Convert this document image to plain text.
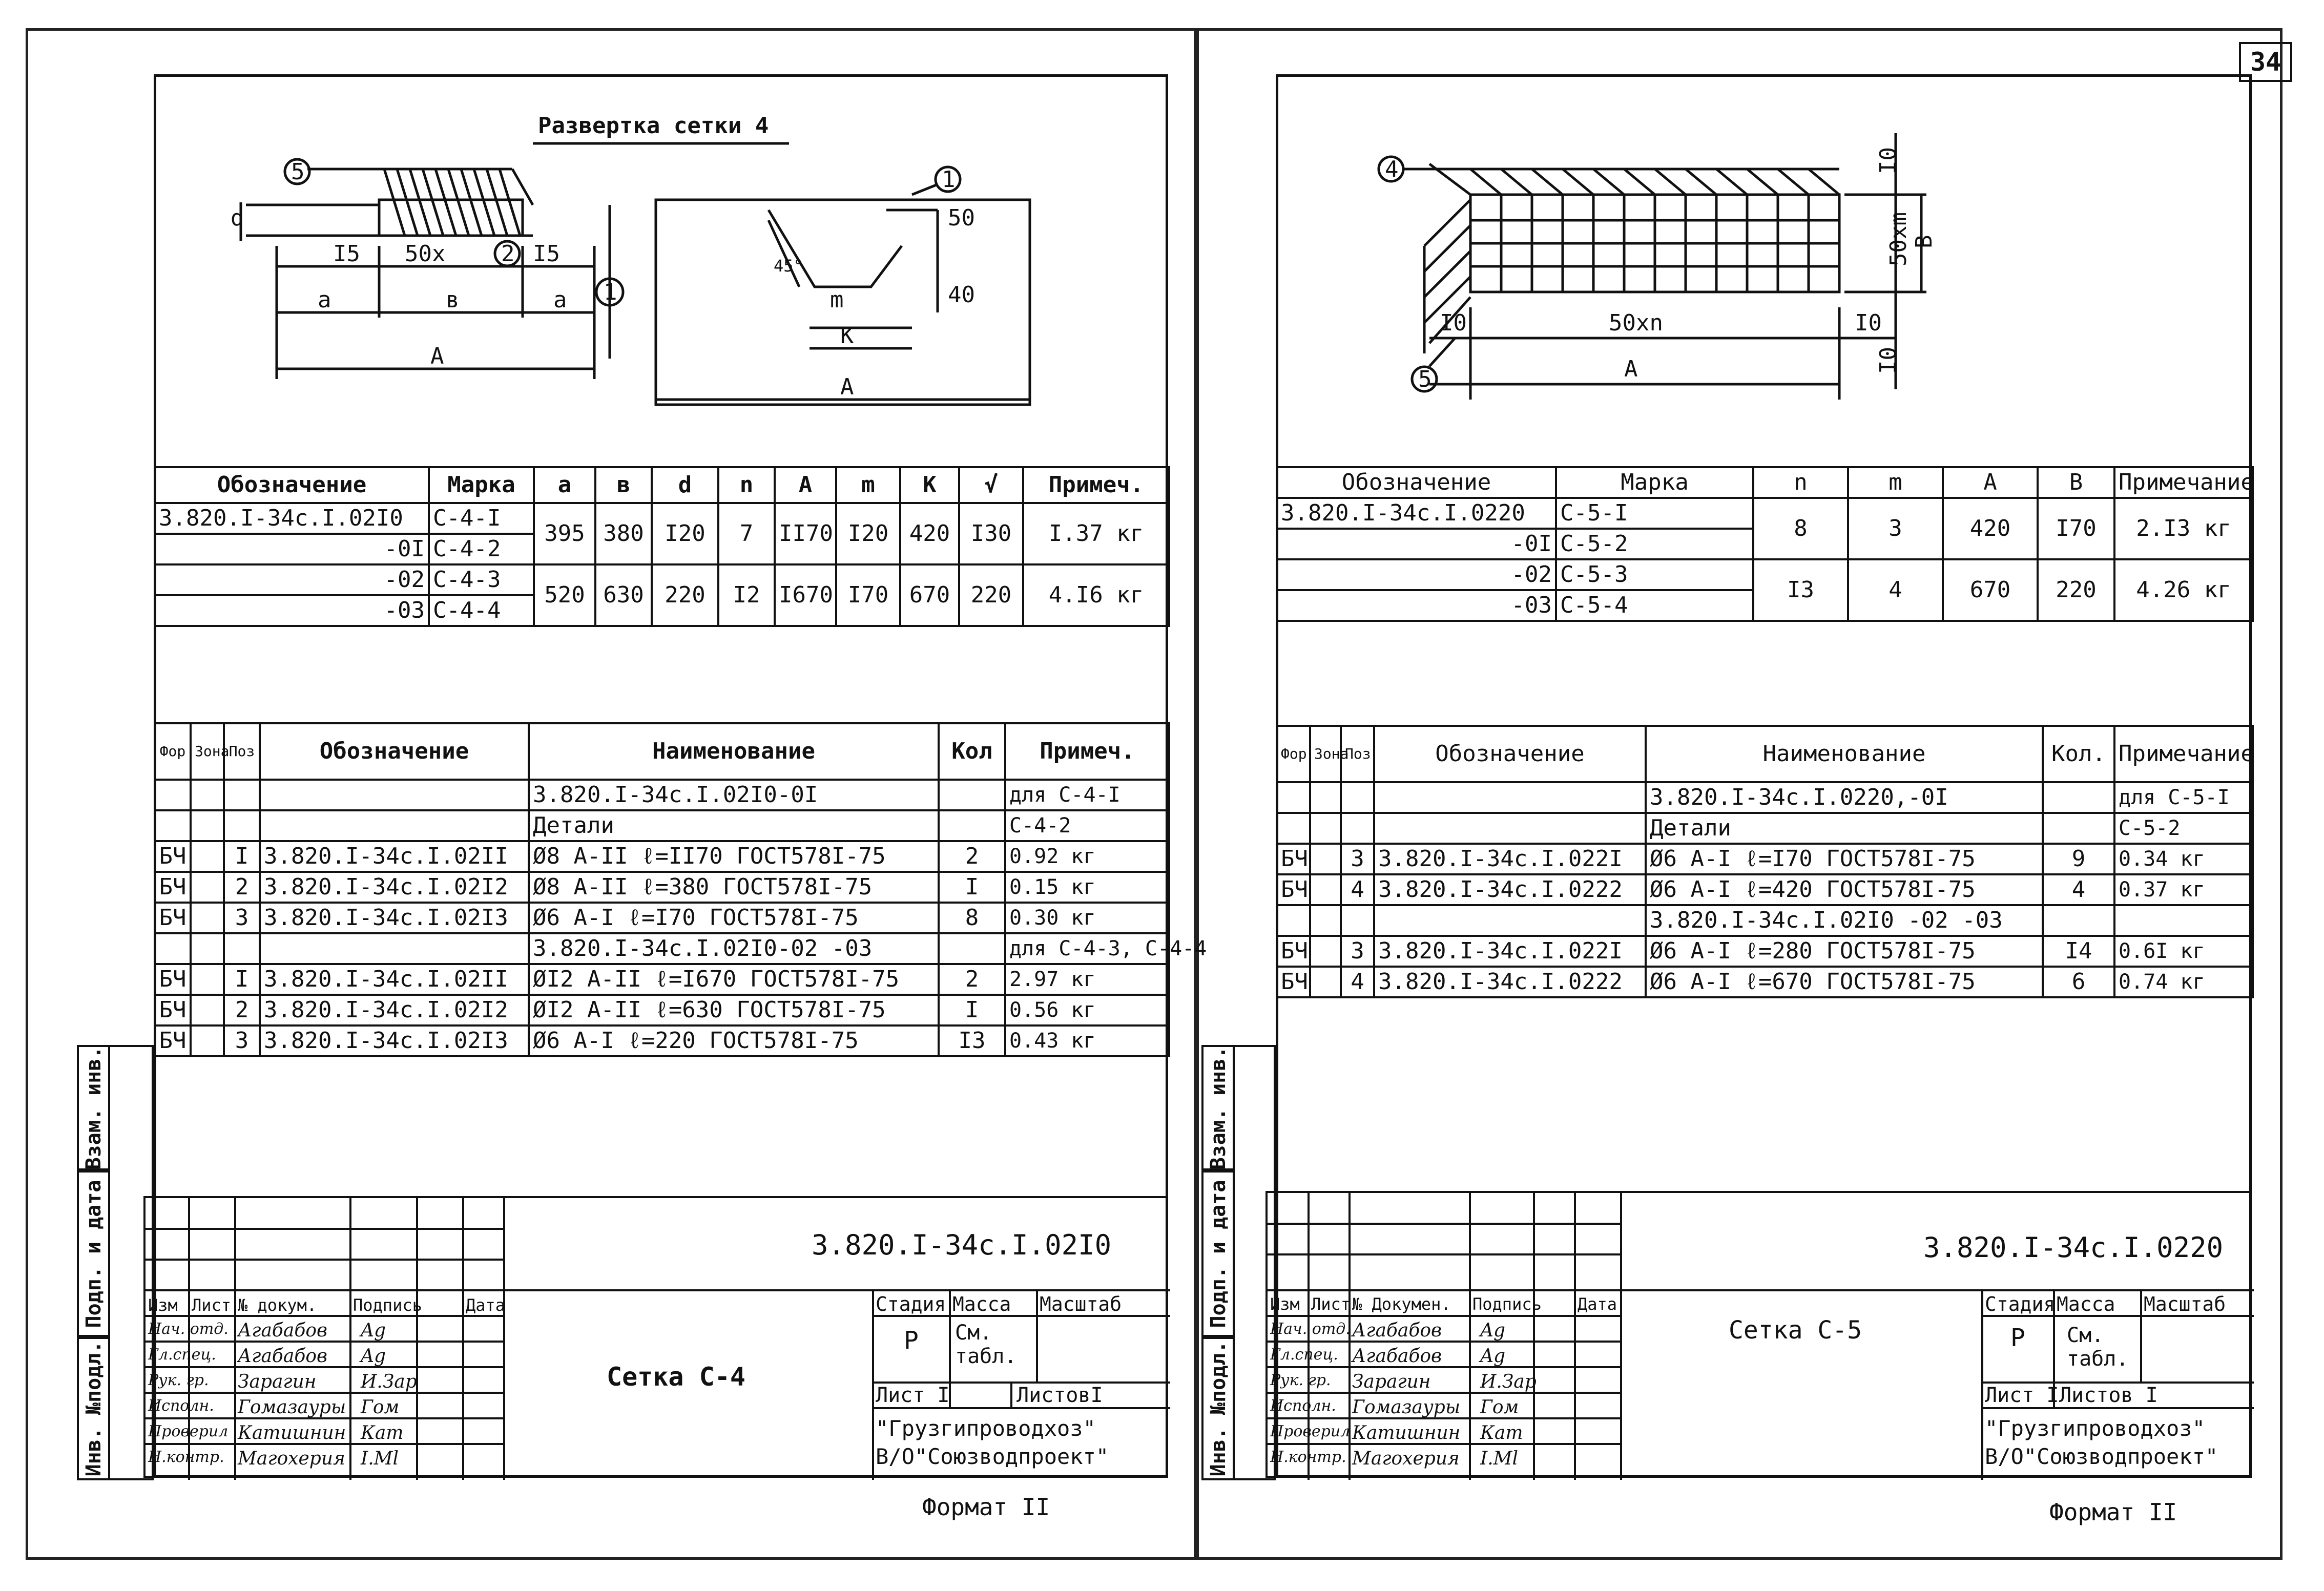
34
Развертка сетки 4
5	1
2
1
d
I5 50x	I5
a	в	a
A
50
40
m
К
A
45°
Обозначение	Марка	a	в	d	n	A	m	К	√	Примеч.
3.820.I-34с.I.02I0	С-4-I	395	380	I20	7	II70	I20	420	I30	I.37 кг
-0I	С-4-2									
-02	С-4-3	520	630	220	I2	I670	I70	670	220	4.I6 кг
-03	С-4-4									
Фор	Зона	Поз	Обозначение	Наименование	Кол	Примеч.
				3.820.I-34с.I.02I0-0I		для С-4-I
				Детали		С-4-2
БЧ		I	3.820.I-34с.I.02II	Ø8 А-II ℓ=II70 ГОСТ578I-75	2	0.92 кг
БЧ		2	3.820.I-34с.I.02I2	Ø8 А-II ℓ=380 ГОСТ578I-75	I	0.15 кг
БЧ		3	3.820.I-34с.I.02I3	Ø6 А-I ℓ=I70 ГОСТ578I-75	8	0.30 кг
				3.820.I-34с.I.02I0-02 -03		для С-4-3, С-4-4
БЧ		I	3.820.I-34с.I.02II	ØI2 А-II ℓ=I670 ГОСТ578I-75	2	2.97 кг
БЧ		2	3.820.I-34с.I.02I2	ØI2 А-II ℓ=630 ГОСТ578I-75	I	0.56 кг
БЧ		3	3.820.I-34с.I.02I3	Ø6 А-I ℓ=220 ГОСТ578I-75	I3	0.43 кг
Инв. №подл.
Подп. и дата
Взам. инв.
3.820.I-34с.I.02I0
Сетка С-4
Изм Лист № докум. Подпись	Дата
Нач. отд. Агабабов
Гл.спец. Агабабов
Рук. гр. Зарагин
Исполн. Гомазауры
Проверил Катишнин
Н.контр. Магохерия
Ag
Ag
И.Зар
Гом
Кат
І.Ml
Стадия Масса Масштаб
Р См. табл.
Лист I	ЛистовI
"Грузгипроводхоз"
В/О"Союзводпроект"
Формат II
4
5
I0
50xm B
I0	50xn	I0
A	I0
Обозначение	Марка	n	m	A	B	Примечание
3.820.I-34с.I.0220	С-5-I	8	3	420	I70	2.I3 кг
-0I	С-5-2					
-02	С-5-3	I3	4	670	220	4.26 кг
-03	С-5-4					
Фор	Зона	Поз	Обозначение	Наименование	Кол.	Примечание
				3.820.I-34с.I.0220,-0I		для С-5-I
				Детали		С-5-2
БЧ		3	3.820.I-34с.I.022I	Ø6 А-I ℓ=I70 ГОСТ578I-75	9	0.34 кг
БЧ		4	3.820.I-34с.I.0222	Ø6 А-I ℓ=420 ГОСТ578I-75	4	0.37 кг
				3.820.I-34с.I.02I0 -02 -03		
БЧ		3	3.820.I-34с.I.022I	Ø6 А-I ℓ=280 ГОСТ578I-75	I4	0.6I кг
БЧ		4	3.820.I-34с.I.0222	Ø6 А-I ℓ=670 ГОСТ578I-75	6	0.74 кг
Инв. №подл.
Подп. и дата
Взам. инв.
3.820.I-34с.I.0220
Сетка С-5
Изм Лист № Докумен. Подпись Дата
Нач. отд. Агабабов
Гл.спец. Агабабов
Рук. гр. Зарагин
Исполн. Гомазауры
Проверил Катишнин
Н.контр. Магохерия
Ag
Ag
И.Зар
Гом
Кат
І.Ml
Стадия Масса Масштаб
Р См. табл.
Лист I Листов I
"Грузгипроводхоз"
В/О"Союзводпроект"
Формат II
